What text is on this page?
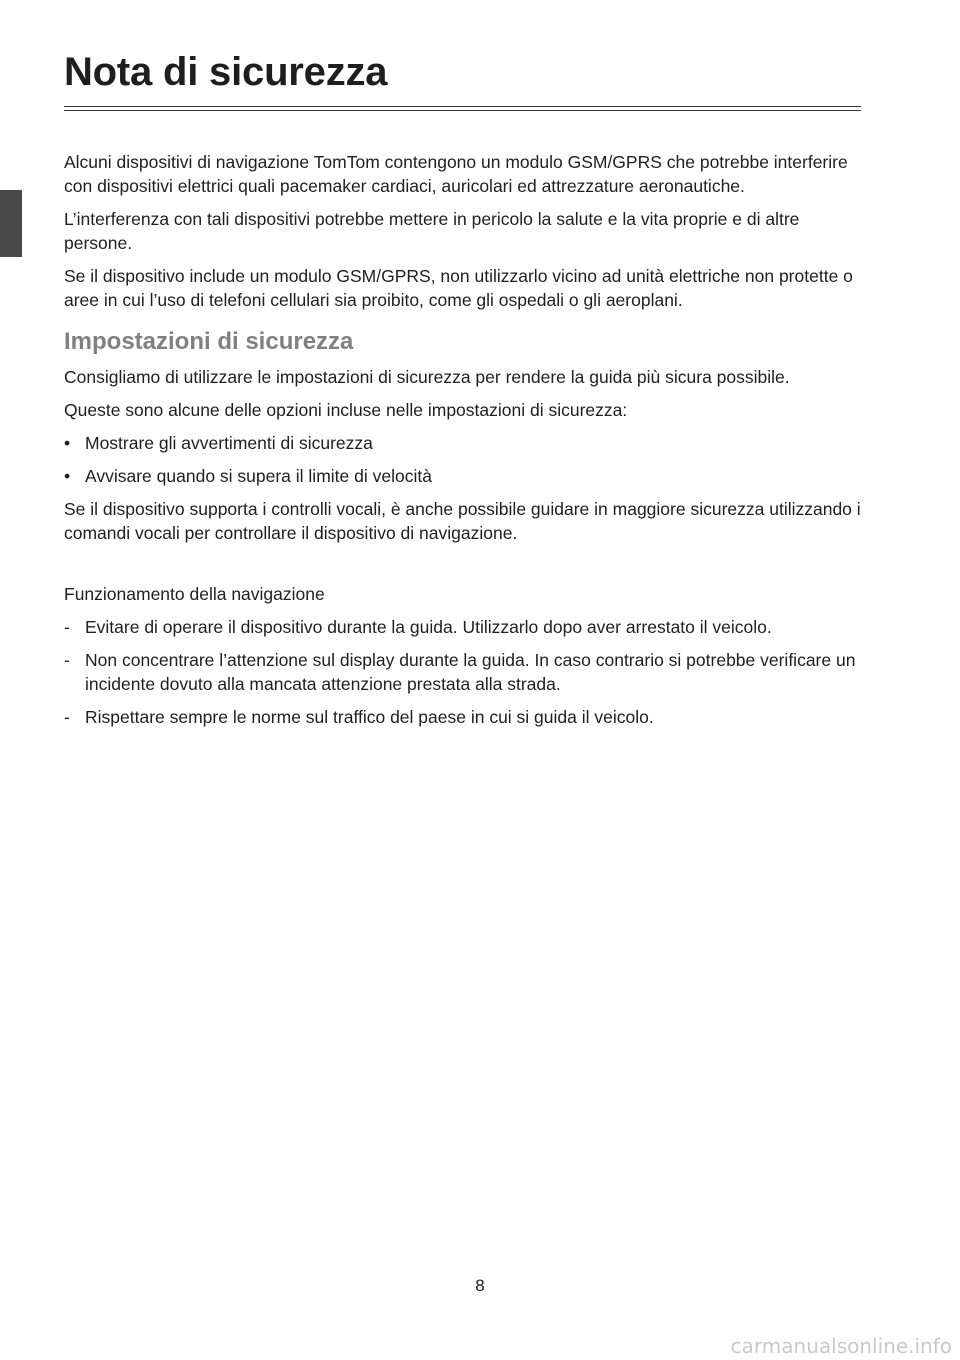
Nota di sicurezza

Alcuni dispositivi di navigazione TomTom contengono un modulo GSM/GPRS che potrebbe interferire con dispositivi elettrici quali pacemaker cardiaci, auricolari ed attrezzature aeronautiche.

L’interferenza con tali dispositivi potrebbe mettere in pericolo la salute e la vita proprie e di altre persone.

Se il dispositivo include un modulo GSM/GPRS, non utilizzarlo vicino ad unità elettriche non protette o aree in cui l’uso di telefoni cellulari sia proibito, come gli ospedali o gli aeroplani.

Impostazioni di sicurezza

Consigliamo di utilizzare le impostazioni di sicurezza per rendere la guida più sicura possibile.

Queste sono alcune delle opzioni incluse nelle impostazioni di sicurezza:

• Mostrare gli avvertimenti di sicurezza
• Avvisare quando si supera il limite di velocità

Se il dispositivo supporta i controlli vocali, è anche possibile guidare in maggiore sicurezza utilizzando i comandi vocali per controllare il dispositivo di navigazione.

Funzionamento della navigazione

- Evitare di operare il dispositivo durante la guida. Utilizzarlo dopo aver arrestato il veicolo.
- Non concentrare l’attenzione sul display durante la guida. In caso contrario si potrebbe verificare un incidente dovuto alla mancata attenzione prestata alla strada.
- Rispettare sempre le norme sul traffico del paese in cui si guida il veicolo.
8
carmanualsonline.info
